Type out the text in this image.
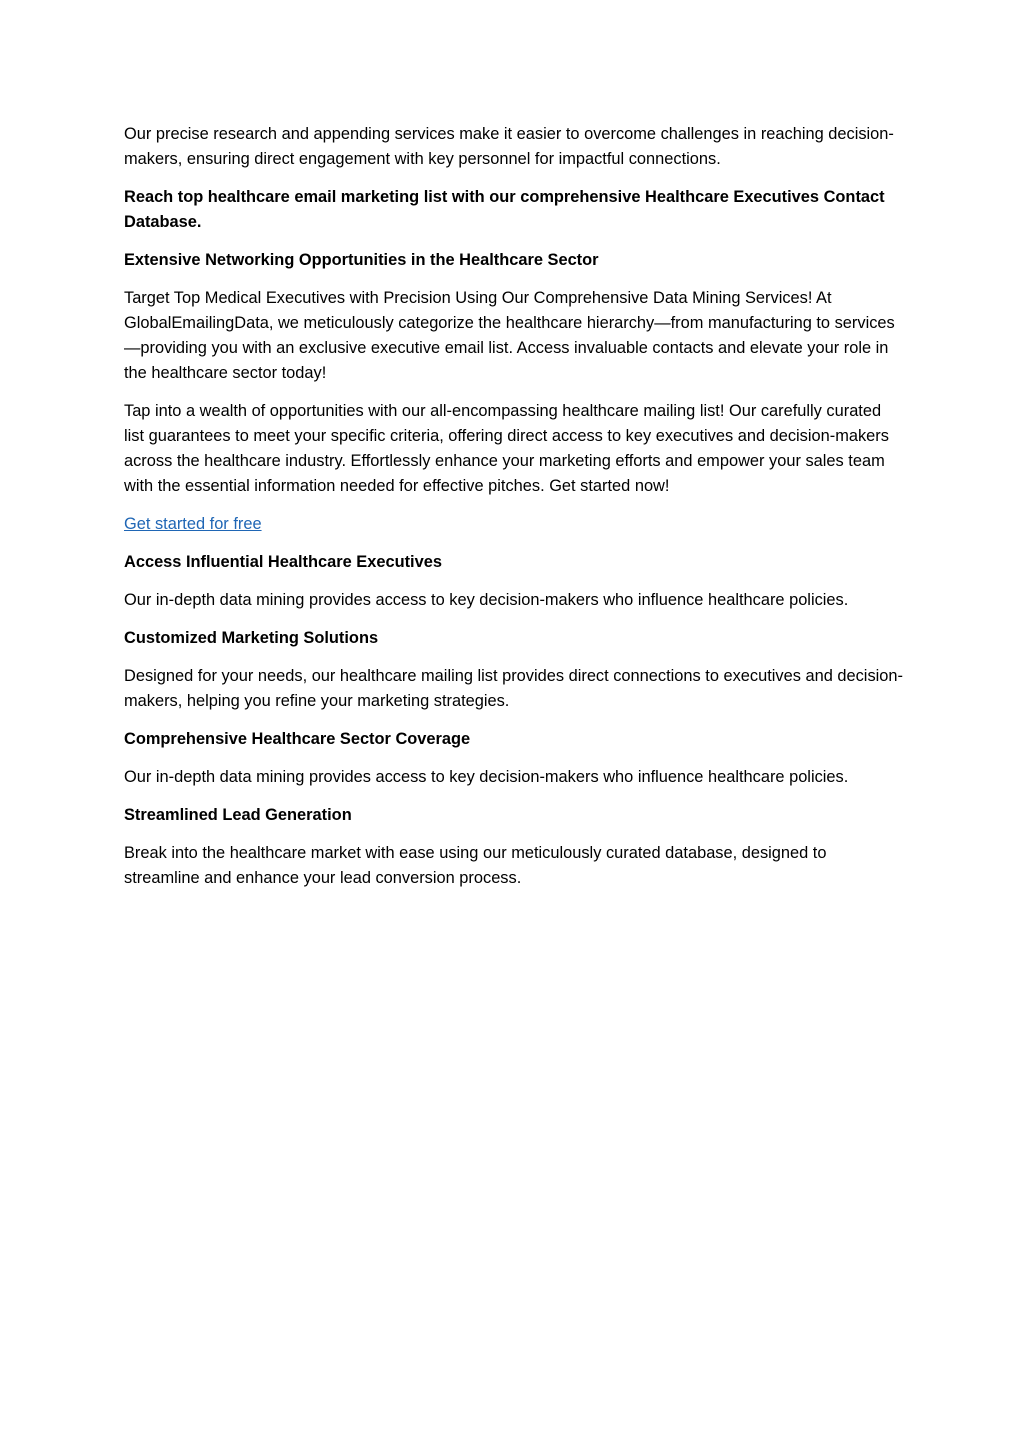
Our precise research and appending services make it easier to overcome challenges in reaching decision-makers, ensuring direct engagement with key personnel for impactful connections.

Reach top healthcare email marketing list with our comprehensive Healthcare Executives Contact Database.

Extensive Networking Opportunities in the Healthcare Sector

Target Top Medical Executives with Precision Using Our Comprehensive Data Mining Services! At GlobalEmailingData, we meticulously categorize the healthcare hierarchy—from manufacturing to services—providing you with an exclusive executive email list. Access invaluable contacts and elevate your role in the healthcare sector today!

Tap into a wealth of opportunities with our all-encompassing healthcare mailing list! Our carefully curated list guarantees to meet your specific criteria, offering direct access to key executives and decision-makers across the healthcare industry. Effortlessly enhance your marketing efforts and empower your sales team with the essential information needed for effective pitches. Get started now!

Get started for free

Access Influential Healthcare Executives

Our in-depth data mining provides access to key decision-makers who influence healthcare policies.

Customized Marketing Solutions

Designed for your needs, our healthcare mailing list provides direct connections to executives and decision-makers, helping you refine your marketing strategies.

Comprehensive Healthcare Sector Coverage

Our in-depth data mining provides access to key decision-makers who influence healthcare policies.

Streamlined Lead Generation

Break into the healthcare market with ease using our meticulously curated database, designed to streamline and enhance your lead conversion process.
